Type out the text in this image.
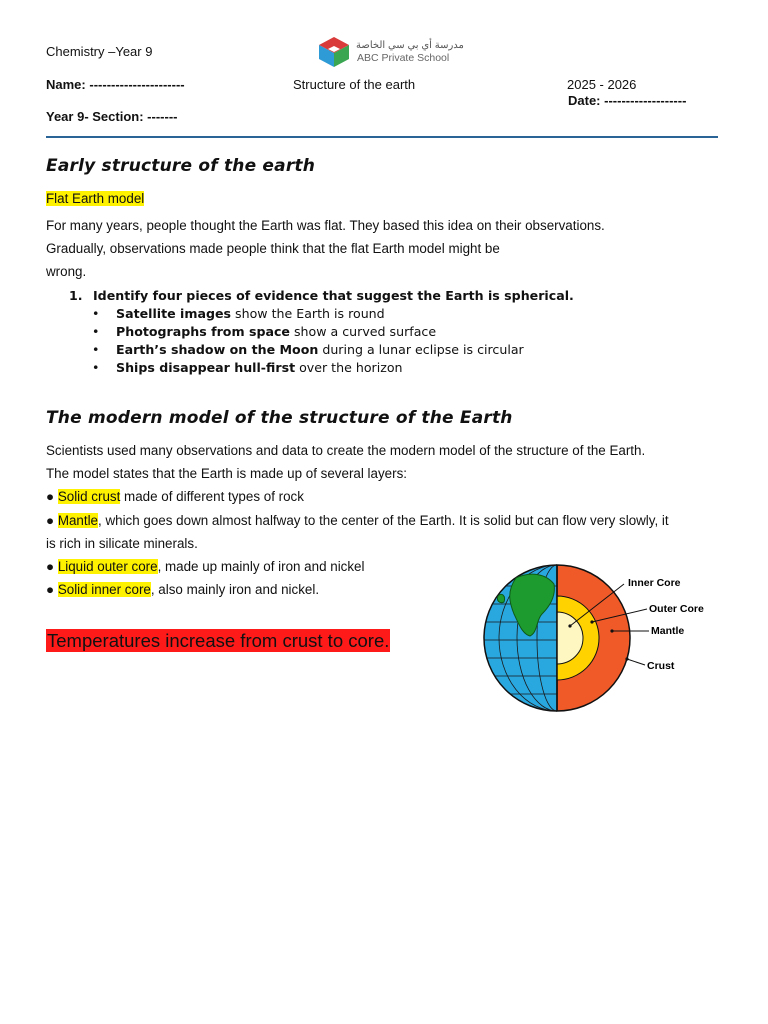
Chemistry –Year 9	مدرسة أي بي سي الخاصة
ABC Private School
Name: ----------------------	Structure of the earth	2025 - 2026
Date: -------------------
Year 9- Section: -------
Early structure of the earth
Flat Earth model
For many years, people thought the Earth was flat. They based this idea on their observations.
Gradually, observations made people think that the flat Earth model might be
wrong.
1. Identify four pieces of evidence that suggest the Earth is spherical.
• Satellite images show the Earth is round
• Photographs from space show a curved surface
• Earth’s shadow on the Moon during a lunar eclipse is circular
• Ships disappear hull-first over the horizon
The modern model of the structure of the Earth
Scientists used many observations and data to create the modern model of the structure of the Earth.
The model states that the Earth is made up of several layers:
● Solid crust made of different types of rock
● Mantle, which goes down almost halfway to the center of the Earth. It is solid but can flow very slowly, it
is rich in silicate minerals.
● Liquid outer core, made up mainly of iron and nickel
● Solid inner core, also mainly iron and nickel.
Temperatures increase from crust to core.
Inner Core
Outer Core
Mantle
Crust
